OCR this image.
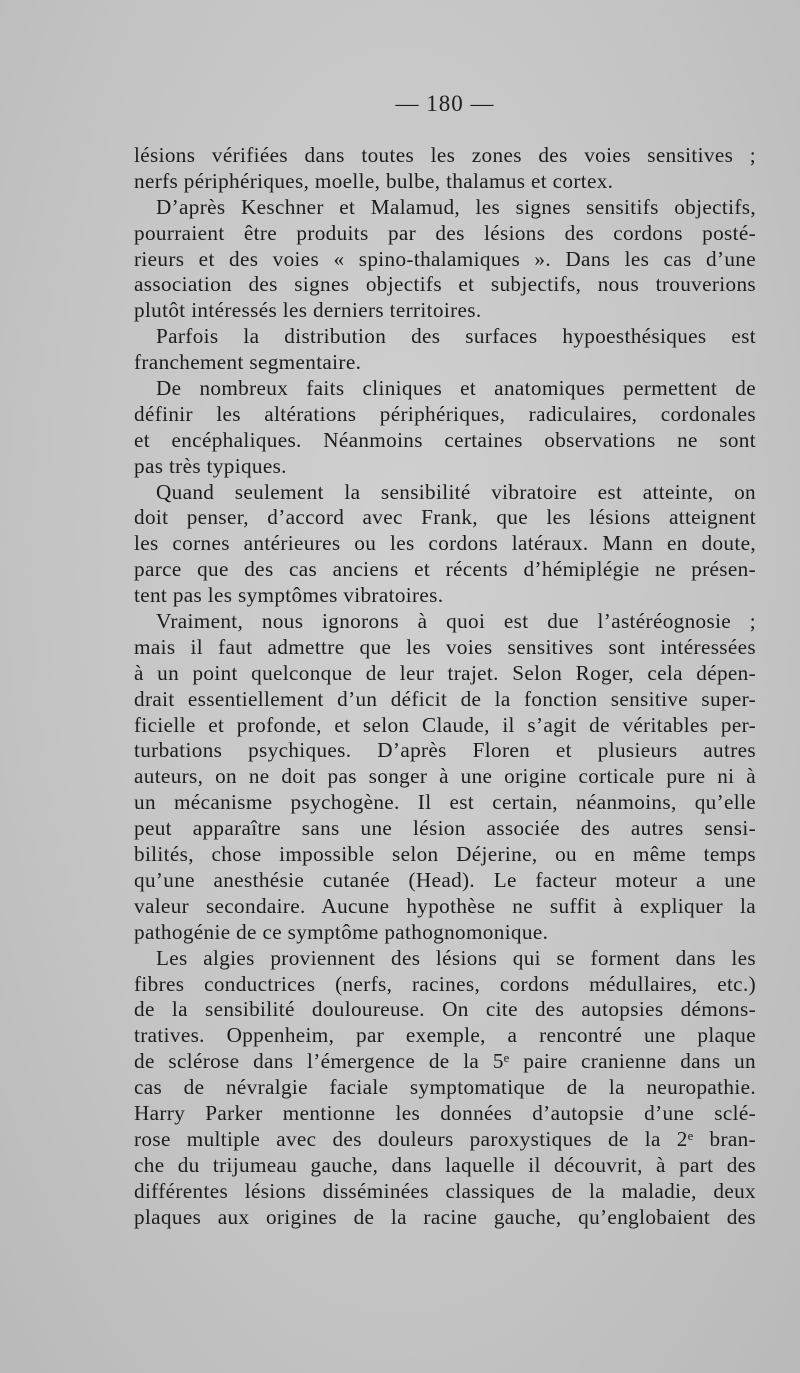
— 180 —
lésions vérifiées dans toutes les zones des voies sensitives ;
nerfs périphériques, moelle, bulbe, thalamus et cortex.
D’après Keschner et Malamud, les signes sensitifs objectifs,
pourraient être produits par des lésions des cordons posté-
rieurs et des voies « spino-thalamiques ». Dans les cas d’une
association des signes objectifs et subjectifs, nous trouverions
plutôt intéressés les derniers territoires.
Parfois la distribution des surfaces hypoesthésiques est
franchement segmentaire.
De nombreux faits cliniques et anatomiques permettent de
définir les altérations périphériques, radiculaires, cordonales
et encéphaliques. Néanmoins certaines observations ne sont
pas très typiques.
Quand seulement la sensibilité vibratoire est atteinte, on
doit penser, d’accord avec Frank, que les lésions atteignent
les cornes antérieures ou les cordons latéraux. Mann en doute,
parce que des cas anciens et récents d’hémiplégie ne présen-
tent pas les symptômes vibratoires.
Vraiment, nous ignorons à quoi est due l’astéréognosie ;
mais il faut admettre que les voies sensitives sont intéressées
à un point quelconque de leur trajet. Selon Roger, cela dépen-
drait essentiellement d’un déficit de la fonction sensitive super-
ficielle et profonde, et selon Claude, il s’agit de véritables per-
turbations psychiques. D’après Floren et plusieurs autres
auteurs, on ne doit pas songer à une origine corticale pure ni à
un mécanisme psychogène. Il est certain, néanmoins, qu’elle
peut apparaître sans une lésion associée des autres sensi-
bilités, chose impossible selon Déjerine, ou en même temps
qu’une anesthésie cutanée (Head). Le facteur moteur a une
valeur secondaire. Aucune hypothèse ne suffit à expliquer la
pathogénie de ce symptôme pathognomonique.
Les algies proviennent des lésions qui se forment dans les
fibres conductrices (nerfs, racines, cordons médullaires, etc.)
de la sensibilité douloureuse. On cite des autopsies démons-
tratives. Oppenheim, par exemple, a rencontré une plaque
de sclérose dans l’émergence de la 5ᵉ paire cranienne dans un
cas de névralgie faciale symptomatique de la neuropathie.
Harry Parker mentionne les données d’autopsie d’une sclé-
rose multiple avec des douleurs paroxystiques de la 2ᵉ bran-
che du trijumeau gauche, dans laquelle il découvrit, à part des
différentes lésions disséminées classiques de la maladie, deux
plaques aux origines de la racine gauche, qu’englobaient des
